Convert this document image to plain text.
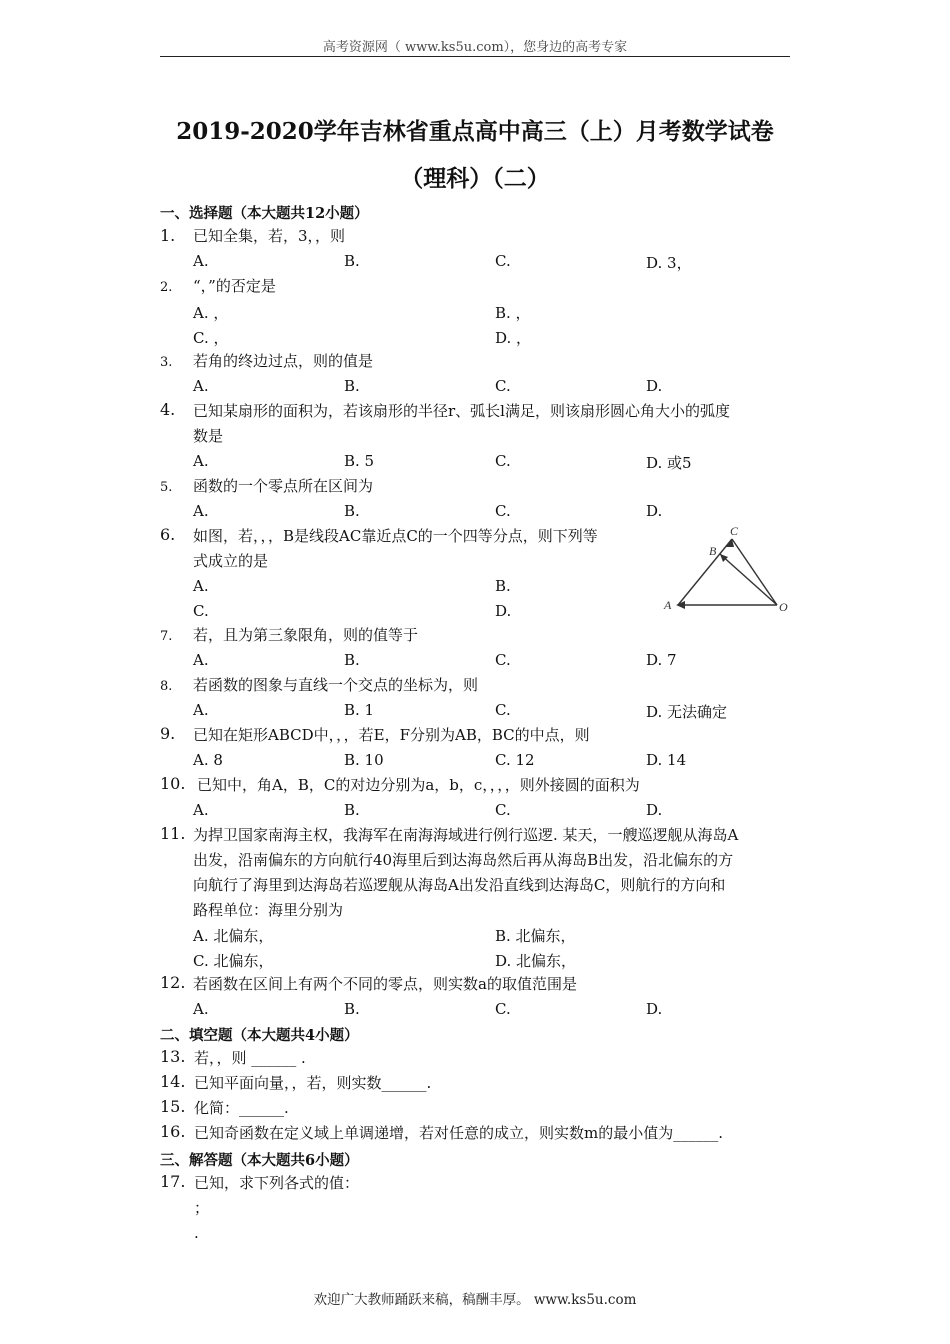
高考资源网（ www.ks5u.com），您身边的高考专家
2019-2020学年吉林省重点高中高三（上）月考数学试卷
（理科）（二）
一、选择题（本大题共12小题）
1. 已知全集，若，3，，则
A.	B.	C.	D. 3，
2. “，”的否定是
A. ，	B. ，
C. ，	D. ，
3. 若角的终边过点，则的值是
A.	B.	C.	D.
4. 已知某扇形的面积为，若该扇形的半径r、弧长l满足，则该扇形圆心角大小的弧度
数是
A.	B. 5	C.	D. 或5
5. 函数的一个零点所在区间为
A.	B.	C.	D.
6. 如图，若，，，B是线段AC靠近点C的一个四等分点，则下列等
式成立的是
A.	B.
C.	D.
C
B
A	O
7. 若，且为第三象限角，则的值等于
A.	B.	C.	D. 7
8. 若函数的图象与直线一个交点的坐标为，则
A.	B. 1	C.	D. 无法确定
9. 已知在矩形ABCD中，，，若E，F分别为AB，BC的中点，则
A. 8	B. 10	C. 12	D. 14
10. 已知中，角A，B，C的对边分别为a，b，c，，，，则外接圆的面积为
A.	B.	C.	D.
11. 为捍卫国家南海主权，我海军在南海海域进行例行巡逻. 某天，一艘巡逻舰从海岛A
出发，沿南偏东的方向航行40海里后到达海岛然后再从海岛B出发，沿北偏东的方
向航行了海里到达海岛若巡逻舰从海岛A出发沿直线到达海岛C，则航行的方向和
路程单位：海里分别为
A. 北偏东，	B. 北偏东，
C. 北偏东，	D. 北偏东，
12. 若函数在区间上有两个不同的零点，则实数a的取值范围是
A.	B.	C.	D.
二、填空题（本大题共4小题）
13. 若，，则 ______ .
14. 已知平面向量，，若，则实数______.
15. 化简：______.
16. 已知奇函数在定义域上单调递增，若对任意的成立，则实数m的最小值为______.
三、解答题（本大题共6小题）
17. 已知，求下列各式的值：
；
.
欢迎广大教师踊跃来稿，稿酬丰厚。 www.ks5u.com
